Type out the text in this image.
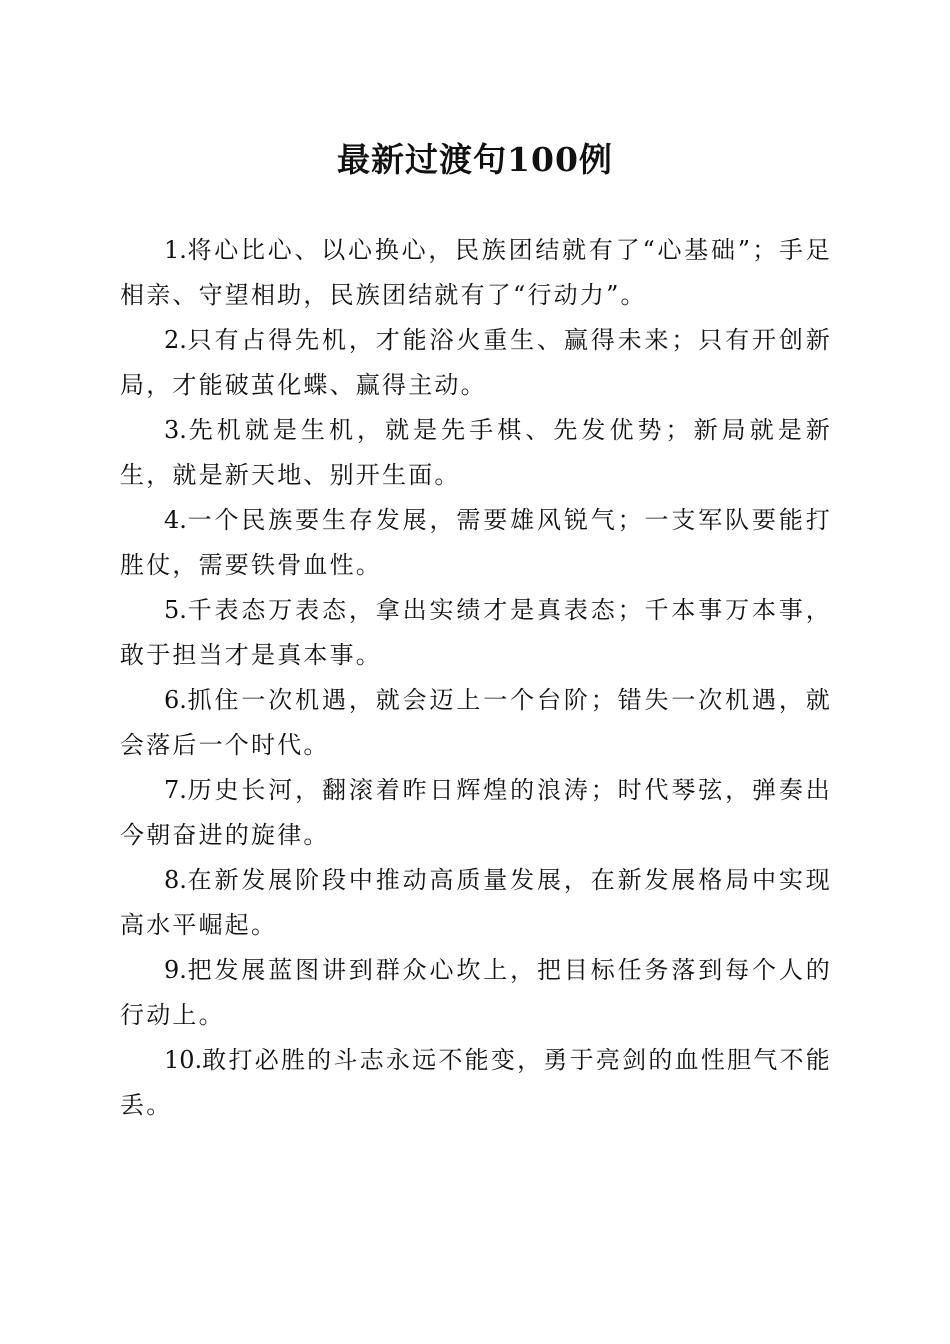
最新过渡句100例

1.将心比心、以心换心，民族团结就有了“心基础”；手足相亲、守望相助，民族团结就有了“行动力”。

2.只有占得先机，才能浴火重生、赢得未来；只有开创新局，才能破茧化蝶、赢得主动。

3.先机就是生机，就是先手棋、先发优势；新局就是新生，就是新天地、别开生面。

4.一个民族要生存发展，需要雄风锐气；一支军队要能打胜仗，需要铁骨血性。

5.千表态万表态，拿出实绩才是真表态；千本事万本事，敢于担当才是真本事。

6.抓住一次机遇，就会迈上一个台阶；错失一次机遇，就会落后一个时代。

7.历史长河，翻滚着昨日辉煌的浪涛；时代琴弦，弹奏出今朝奋进的旋律。

8.在新发展阶段中推动高质量发展，在新发展格局中实现高水平崛起。

9.把发展蓝图讲到群众心坎上，把目标任务落到每个人的行动上。

10.敢打必胜的斗志永远不能变，勇于亮剑的血性胆气不能丢。
